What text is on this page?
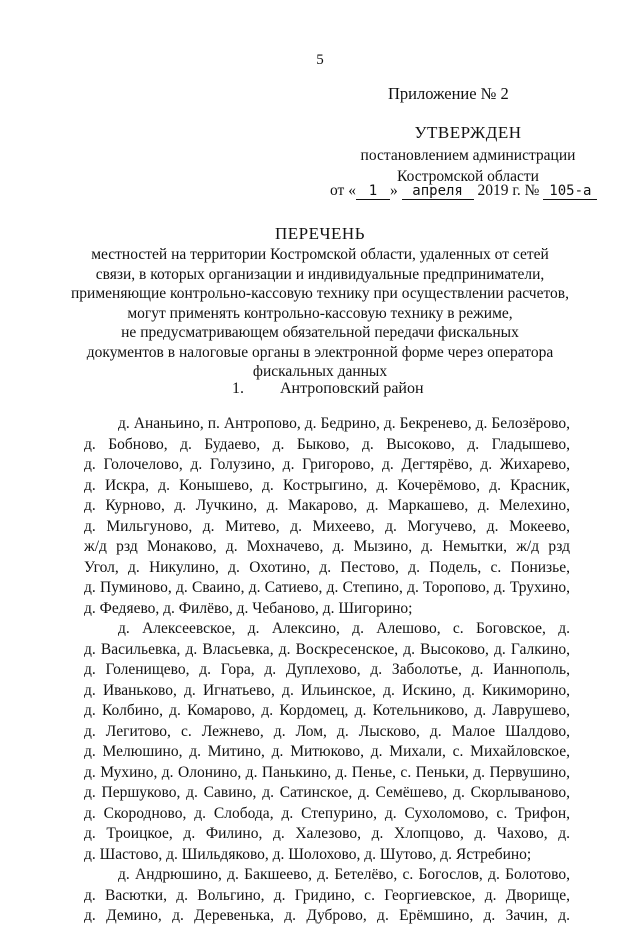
5
Приложение № 2
УТВЕРЖДЕН
постановлением администрации
Костромской области
от « 1 » апреля 2019 г. № 105-а
ПЕРЕЧЕНЬ
местностей на территории Костромской области, удаленных от сетей
связи, в которых организации и индивидуальные предприниматели,
применяющие контрольно-кассовую технику при осуществлении расчетов,
могут применять контрольно-кассовую технику в режиме,
не предусматривающем обязательной передачи фискальных
документов в налоговые органы в электронной форме через оператора
фискальных данных
1. Антроповский район
д. Ананьино, п. Антропово, д. Бедрино, д. Бекренево, д. Белозёрово,
д. Бобново, д. Будаево, д. Быково, д. Высоково, д. Гладышево,
д. Голочелово, д. Голузино, д. Григорово, д. Дегтярёво, д. Жихарево,
д. Искра, д. Конышево, д. Кострыгино, д. Кочерёмово, д. Красник,
д. Курново, д. Лучкино, д. Макарово, д. Маркашево, д. Мелехино,
д. Мильгуново, д. Митево, д. Михеево, д. Могучево, д. Мокеево,
ж/д рзд Монаково, д. Мохначево, д. Мызино, д. Немытки, ж/д рзд
Угол, д. Никулино, д. Охотино, д. Пестово, д. Подель, с. Понизье,
д. Пуминово, д. Сваино, д. Сатиево, д. Степино, д. Торопово, д. Трухино,
д. Федяево, д. Филёво, д. Чебаново, д. Шигорино;
д. Алексеевское, д. Алексино, д. Алешово, с. Боговское, д.
д. Васильевка, д. Власьевка, д. Воскресенское, д. Высоково, д. Галкино,
д. Голенищево, д. Гора, д. Дуплехово, д. Заболотье, д. Ианнополь,
д. Иваньково, д. Игнатьево, д. Ильинское, д. Искино, д. Кикиморино,
д. Колбино, д. Комарово, д. Кордомец, д. Котельниково, д. Лаврушево,
д. Легитово, с. Лежнево, д. Лом, д. Лысково, д. Малое Шалдово,
д. Мелюшино, д. Митино, д. Митюково, д. Михали, с. Михайловское,
д. Мухино, д. Олонино, д. Панькино, д. Пенье, с. Пеньки, д. Первушино,
д. Першуково, д. Савино, д. Сатинское, д. Семёшево, д. Скорлываново,
д. Скородново, д. Слобода, д. Степурино, д. Сухоломово, с. Трифон,
д. Троицкое, д. Филино, д. Халезово, д. Хлопцово, д. Чахово, д.
д. Шастово, д. Шильдяково, д. Шолохово, д. Шутово, д. Ястребино;
д. Андрюшино, д. Бакшеево, д. Бетелёво, с. Богослов, д. Болотово,
д. Васютки, д. Вольгино, д. Гридино, с. Георгиевское, д. Дворище,
д. Демино, д. Деревенька, д. Дуброво, д. Ерёмшино, д. Зачин, д.
